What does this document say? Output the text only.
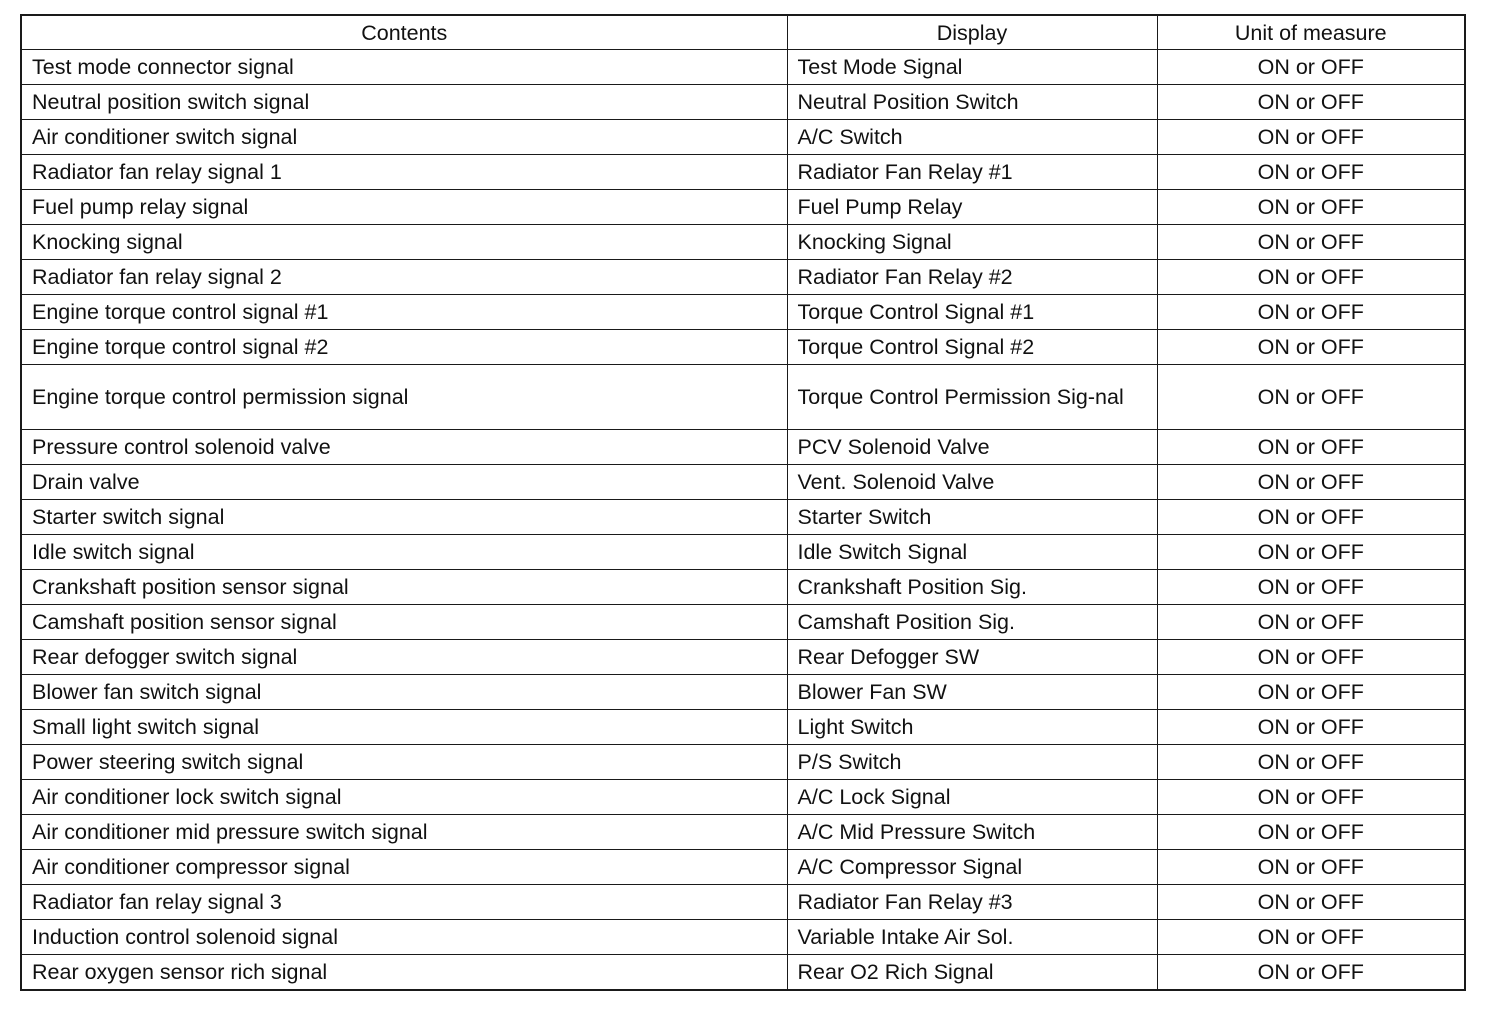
Contents	Display	Unit of measure
Test mode connector signal	Test Mode Signal	ON or OFF
Neutral position switch signal	Neutral Position Switch	ON or OFF
Air conditioner switch signal	A/C Switch	ON or OFF
Radiator fan relay signal 1	Radiator Fan Relay #1	ON or OFF
Fuel pump relay signal	Fuel Pump Relay	ON or OFF
Knocking signal	Knocking Signal	ON or OFF
Radiator fan relay signal 2	Radiator Fan Relay #2	ON or OFF
Engine torque control signal #1	Torque Control Signal #1	ON or OFF
Engine torque control signal #2	Torque Control Signal #2	ON or OFF
Engine torque control permission signal	Torque Control Permission Sig-nal	ON or OFF
Pressure control solenoid valve	PCV Solenoid Valve	ON or OFF
Drain valve	Vent. Solenoid Valve	ON or OFF
Starter switch signal	Starter Switch	ON or OFF
Idle switch signal	Idle Switch Signal	ON or OFF
Crankshaft position sensor signal	Crankshaft Position Sig.	ON or OFF
Camshaft position sensor signal	Camshaft Position Sig.	ON or OFF
Rear defogger switch signal	Rear Defogger SW	ON or OFF
Blower fan switch signal	Blower Fan SW	ON or OFF
Small light switch signal	Light Switch	ON or OFF
Power steering switch signal	P/S Switch	ON or OFF
Air conditioner lock switch signal	A/C Lock Signal	ON or OFF
Air conditioner mid pressure switch signal	A/C Mid Pressure Switch	ON or OFF
Air conditioner compressor signal	A/C Compressor Signal	ON or OFF
Radiator fan relay signal 3	Radiator Fan Relay #3	ON or OFF
Induction control solenoid signal	Variable Intake Air Sol.	ON or OFF
Rear oxygen sensor rich signal	Rear O2 Rich Signal	ON or OFF
